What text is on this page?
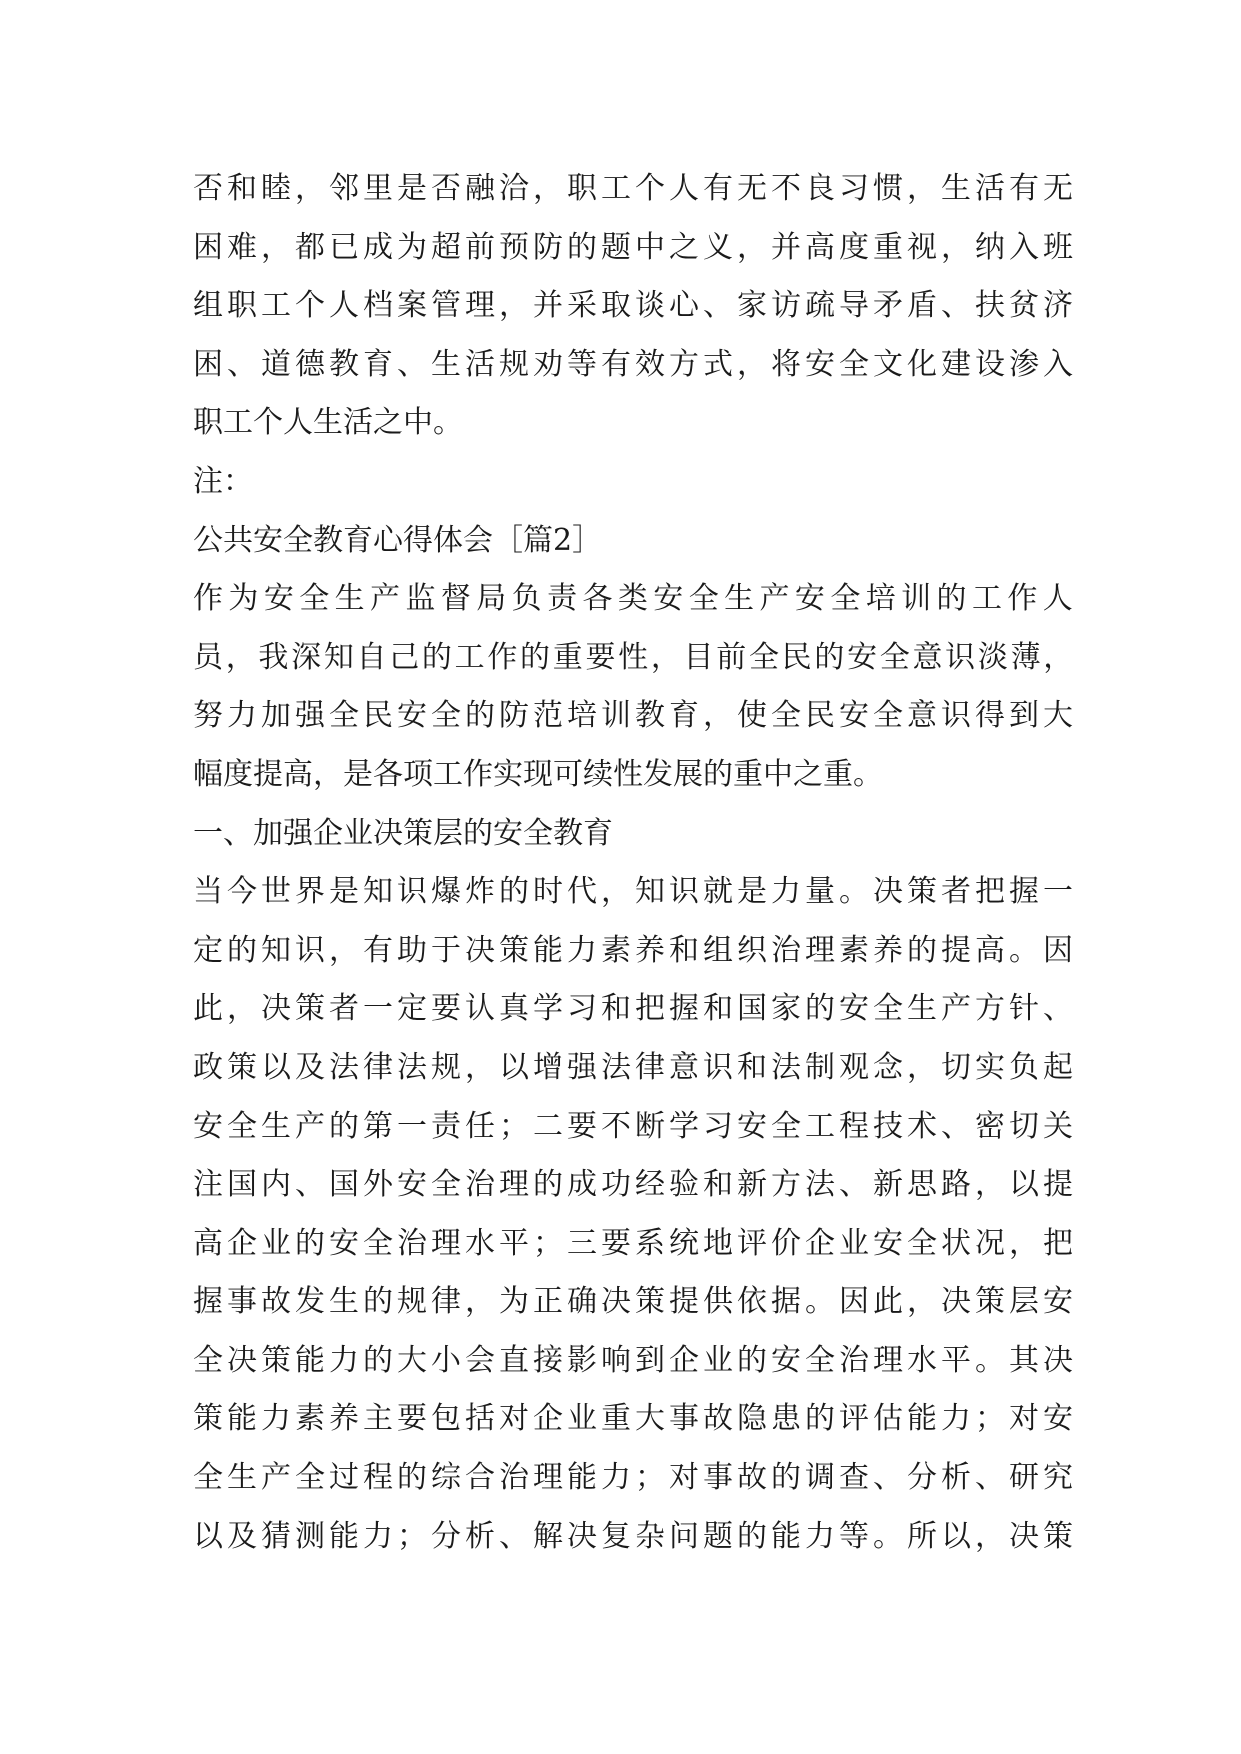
否 和 睦 ， 邻 里 是 否 融 洽 ， 职 工 个 人 有 无 不 良 习 惯 ， 生 活 有 无
困 难 ， 都 已 成 为 超 前 预 防 的 题 中 之 义 ， 并 高 度 重 视 ， 纳 入 班
组 职 工 个 人 档 案 管 理 ， 并 采 取 谈 心 、 家 访 疏 导 矛 盾 、 扶 贫 济
困 、 道 德 教 育 、 生 活 规 劝 等 有 效 方 式 ， 将 安 全 文 化 建 设 渗 入
职工个人生活之中。
注：
公共安全教育心得体会［篇2］
作 为 安 全 生 产 监 督 局 负 责 各 类 安 全 生 产 安 全 培 训 的 工 作 人
员 ， 我 深 知 自 己 的 工 作 的 重 要 性 ， 目 前 全 民 的 安 全 意 识 淡 薄 ，
努 力 加 强 全 民 安 全 的 防 范 培 训 教 育 ， 使 全 民 安 全 意 识 得 到 大
幅度提高，是各项工作实现可续性发展的重中之重。
一、加强企业决策层的安全教育
当 今 世 界 是 知 识 爆 炸 的 时 代 ， 知 识 就 是 力 量 。 决 策 者 把 握 一
定 的 知 识 ， 有 助 于 决 策 能 力 素 养 和 组 织 治 理 素 养 的 提 高 。 因
此 ， 决 策 者 一 定 要 认 真 学 习 和 把 握 和 国 家 的 安 全 生 产 方 针 、
政 策 以 及 法 律 法 规 ， 以 增 强 法 律 意 识 和 法 制 观 念 ， 切 实 负 起
安 全 生 产 的 第 一 责 任 ； 二 要 不 断 学 习 安 全 工 程 技 术 、 密 切 关
注 国 内 、 国 外 安 全 治 理 的 成 功 经 验 和 新 方 法 、 新 思 路 ， 以 提
高 企 业 的 安 全 治 理 水 平 ； 三 要 系 统 地 评 价 企 业 安 全 状 况 ， 把
握 事 故 发 生 的 规 律 ， 为 正 确 决 策 提 供 依 据 。 因 此 ， 决 策 层 安
全 决 策 能 力 的 大 小 会 直 接 影 响 到 企 业 的 安 全 治 理 水 平 。 其 决
策 能 力 素 养 主 要 包 括 对 企 业 重 大 事 故 隐 患 的 评 估 能 力 ； 对 安
全 生 产 全 过 程 的 综 合 治 理 能 力 ； 对 事 故 的 调 查 、 分 析 、 研 究
以 及 猜 测 能 力 ； 分 析 、 解 决 复 杂 问 题 的 能 力 等 。 所 以 ， 决 策
